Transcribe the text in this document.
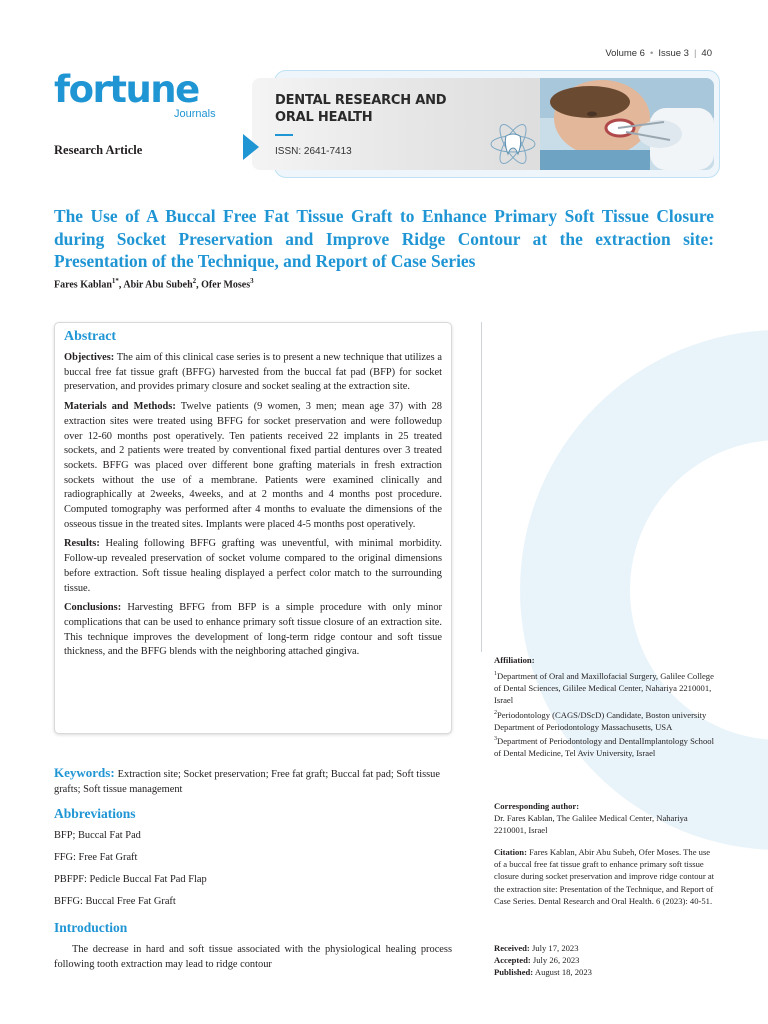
Volume 6 • Issue 3 | 40
fortune
Journals
Research Article
DENTAL RESEARCH AND
ORAL HEALTH
ISSN: 2641-7413
The Use of A Buccal Free Fat Tissue Graft to Enhance Primary Soft Tissue Closure during Socket Preservation and Improve Ridge Contour at the extraction site: Presentation of the Technique, and Report of Case Series
Fares Kablan$^{1*}$, Abir Abu Subeh$^2$, Ofer Moses$^3$
Abstract

Objectives: The aim of this clinical case series is to present a new technique that utilizes a buccal free fat tissue graft (BFFG) harvested from the buccal fat pad (BFP) for socket preservation, and provides primary closure and socket sealing at the extraction site.

Materials and Methods: Twelve patients (9 women, 3 men; mean age 37) with 28 extraction sites were treated using BFFG for socket preservation and were followedup over 12-60 months post operatively. Ten patients received 22 implants in 25 treated sockets, and 2 patients were treated by conventional fixed partial dentures over 3 treated sockets. BFFG was placed over different bone grafting materials in fresh extraction sockets without the use of a membrane. Patients were examined clinically and radiographically at 2weeks, 4weeks, and at 2 months and 4 months post procedure. Computed tomography was performed after 4 months to evaluate the dimensions of the osseous tissue in the treated sites. Implants were placed 4-5 months post operatively.

Results: Healing following BFFG grafting was uneventful, with minimal morbidity. Follow-up revealed preservation of socket volume compared to the original dimensions before extraction. Soft tissue healing displayed a perfect color match to the surrounding tissue.

Conclusions: Harvesting BFFG from BFP is a simple procedure with only minor complications that can be used to enhance primary soft tissue closure of an extraction site. This technique improves the development of long-term ridge contour and soft tissue thickness, and the BFFG blends with the neighboring attached gingiva.

Keywords: Extraction site; Socket preservation; Free fat graft; Buccal fat pad; Soft tissue grafts; Soft tissue management
Abbreviations
BFP; Buccal Fat Pad
FFG: Free Fat Graft
PBFPF: Pedicle Buccal Fat Pad Flap
BFFG: Buccal Free Fat Graft
Introduction

The decrease in hard and soft tissue associated with the physiological healing process following tooth extraction may lead to ridge contour

Affiliation:

$^1$Department of Oral and Maxillofacial Surgery, Galilee College of Dental Sciences, Gililee Medical Center, Nahariya 2210001, Israel

$^2$Periodontology (CAGS/DScD) Candidate, Boston university Department of Periodontology Massachusetts, USA

$^3$Department of Periodontology and DentalImplantology School of Dental Medicine, Tel Aviv University, Israel

Corresponding author:

Dr. Fares Kablan, The Galilee Medical Center, Nahariya 2210001, Israel

Citation: Fares Kablan, Abir Abu Subeh, Ofer Moses. The use of a buccal free fat tissue graft to enhance primary soft tissue closure during socket preservation and improve ridge contour at the extraction site: Presentation of the Technique, and Report of Case Series. Dental Research and Oral Health. 6 (2023): 40-51.

Received: July 17, 2023

Accepted: July 26, 2023

Published: August 18, 2023
